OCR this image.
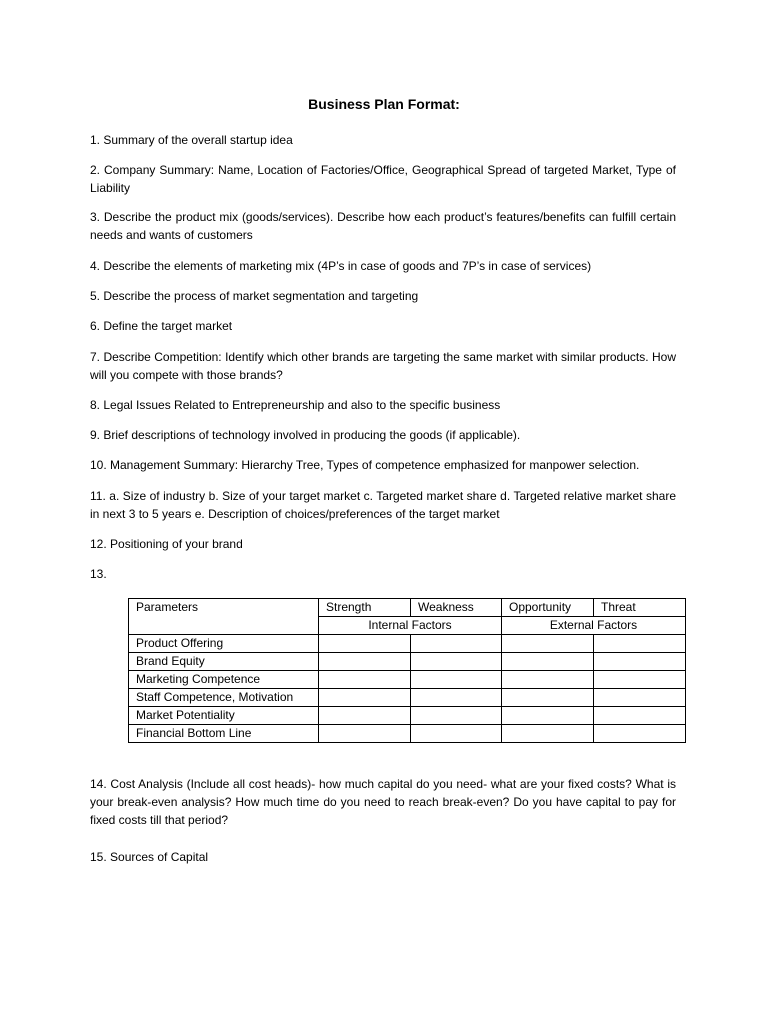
Business Plan Format:
1. Summary of the overall startup idea
2. Company Summary: Name, Location of Factories/Office, Geographical Spread of targeted Market, Type of Liability
3. Describe the product mix (goods/services). Describe how each product’s features/benefits can fulfill certain needs and wants of customers
4. Describe the elements of marketing mix (4P’s in case of goods and 7P’s in case of services)
5. Describe the process of market segmentation and targeting
6. Define the target market
7. Describe Competition: Identify which other brands are targeting the same market with similar products. How will you compete with those brands?
8. Legal Issues Related to Entrepreneurship and also to the specific business
9. Brief descriptions of technology involved in producing the goods (if applicable).
10. Management Summary: Hierarchy Tree, Types of competence emphasized for manpower selection.
11. a. Size of industry b. Size of your target market c. Targeted market share d. Targeted relative market share in next 3 to 5 years e. Description of choices/preferences of the target market
12. Positioning of your brand
13.
Parameters	Strength	Weakness	Opportunity	Threat
	Internal Factors		External Factors	
Product Offering				
Brand Equity				
Marketing Competence				
Staff Competence, Motivation				
Market Potentiality				
Financial Bottom Line				
14. Cost Analysis (Include all cost heads)- how much capital do you need- what are your fixed costs? What is your break-even analysis? How much time do you need to reach break-even? Do you have capital to pay for fixed costs till that period?
15. Sources of Capital
